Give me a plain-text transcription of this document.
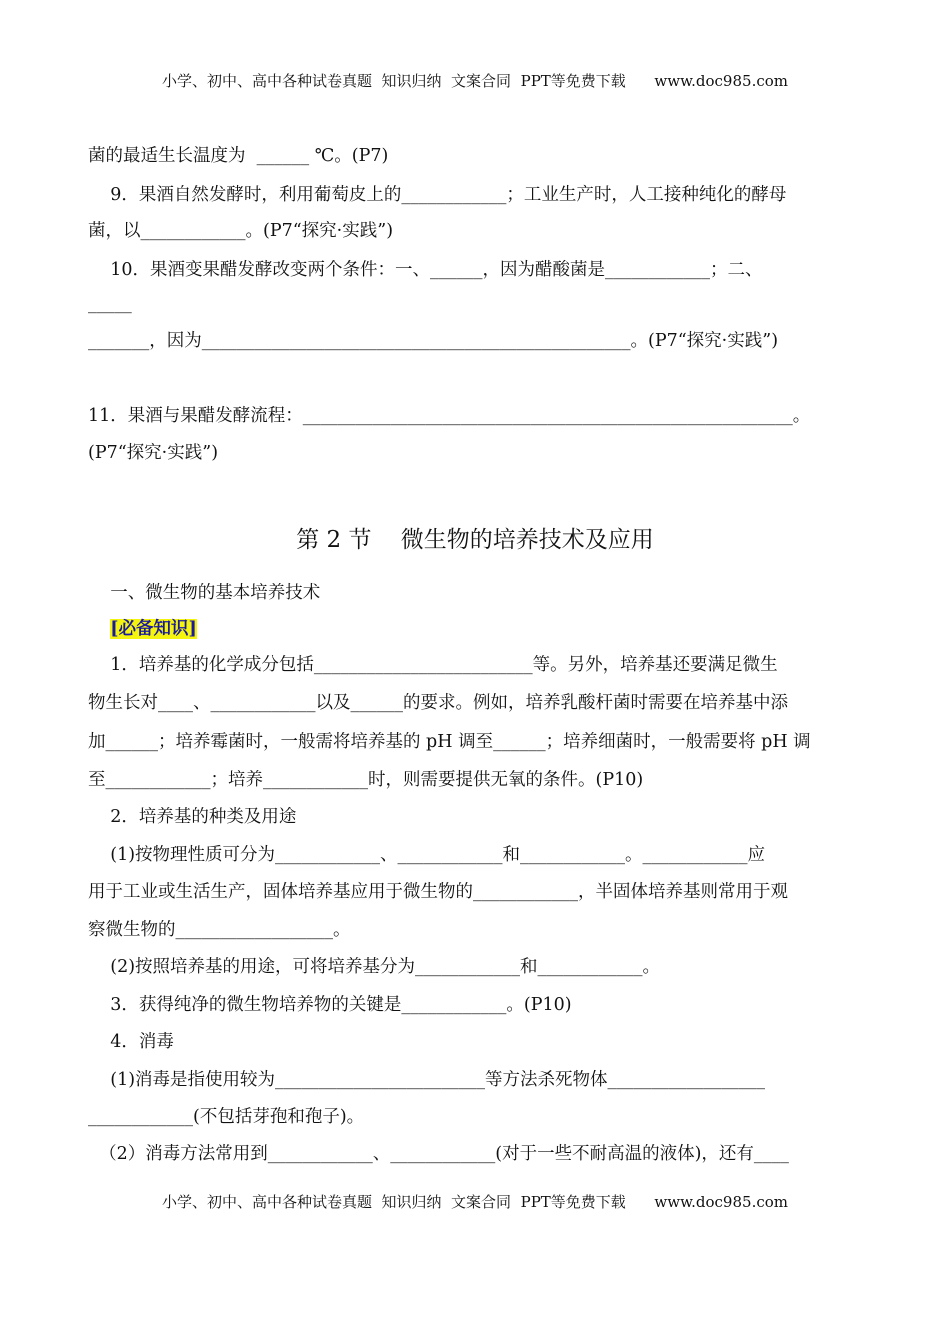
小学、初中、高中各种试卷真题  知识归纳  文案合同  PPT等免费下载      www.doc985.com
菌的最适生长温度为  ______ ℃。(P7)
9．果酒自然发酵时，利用葡萄皮上的____________；工业生产时，人工接种纯化的酵母
菌，以____________。(P7“探究·实践”)
10．果酒变果醋发酵改变两个条件：一、______，因为醋酸菌是____________；二、
_____
_______，因为_________________________________________________。(P7“探究·实践”)
11．果酒与果醋发酵流程：________________________________________________________。
(P7“探究·实践”)
第 2 节    微生物的培养技术及应用
一、微生物的基本培养技术
[必备知识]
1．培养基的化学成分包括_________________________等。另外，培养基还要满足微生
物生长对____、____________以及______的要求。例如，培养乳酸杆菌时需要在培养基中添
加______；培养霉菌时，一般需将培养基的 pH 调至______；培养细菌时，一般需要将 pH 调
至____________；培养____________时，则需要提供无氧的条件。(P10)
2．培养基的种类及用途
(1)按物理性质可分为____________、____________和____________。____________应
用于工业或生活生产，固体培养基应用于微生物的____________，半固体培养基则常用于观
察微生物的__________________。
(2)按照培养基的用途，可将培养基分为____________和____________。
3．获得纯净的微生物培养物的关键是____________。(P10)
4．消毒
(1)消毒是指使用较为________________________等方法杀死物体__________________
____________(不包括芽孢和孢子)。
（2）消毒方法常用到____________、____________(对于一些不耐高温的液体)，还有____
小学、初中、高中各种试卷真题  知识归纳  文案合同  PPT等免费下载      www.doc985.com
